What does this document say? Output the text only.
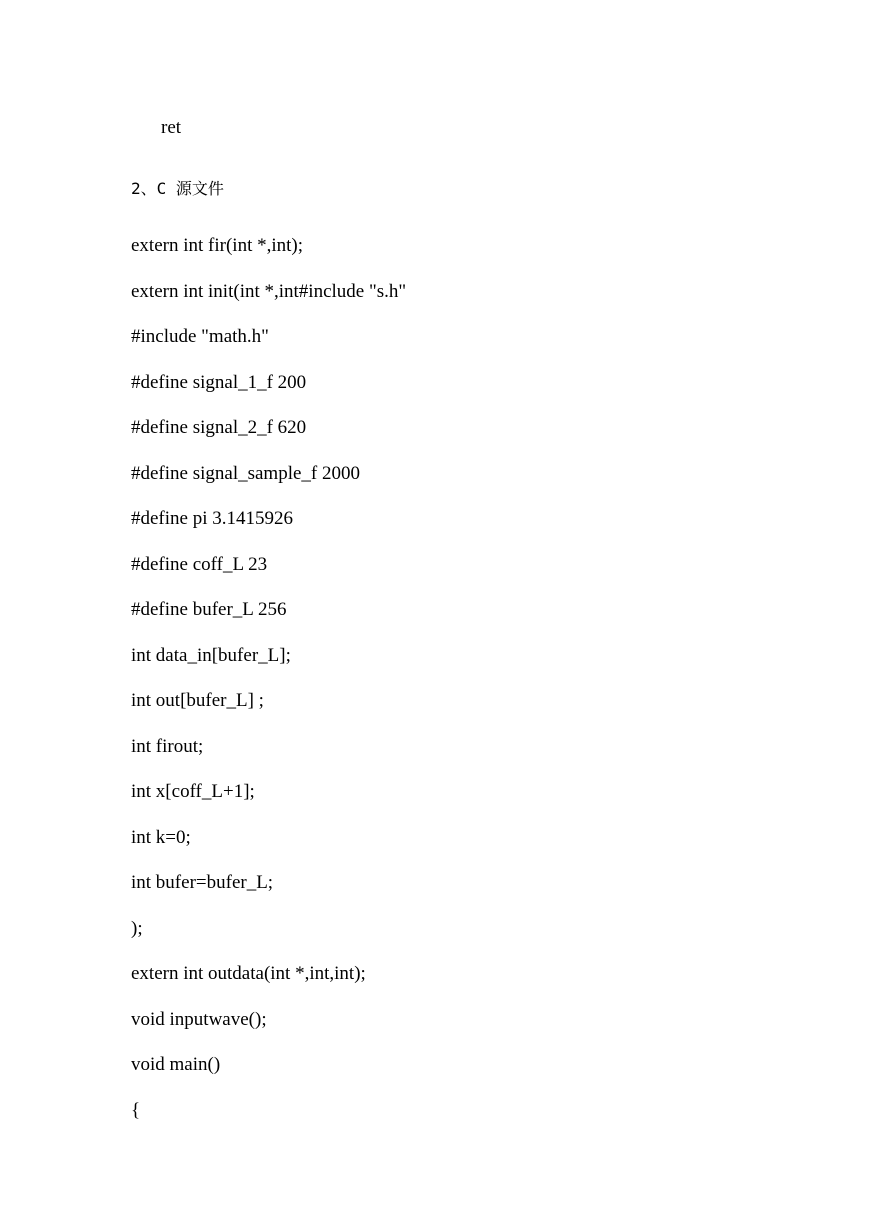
ret
2、C 源文件
extern int fir(int *,int);
extern int init(int *,int#include "s.h"
#include "math.h"
#define signal_1_f 200
#define signal_2_f 620
#define signal_sample_f 2000
#define pi 3.1415926
#define coff_L 23
#define bufer_L 256
int data_in[bufer_L];
int out[bufer_L] ;
int firout;
int x[coff_L+1];
int k=0;
int bufer=bufer_L;
);
extern int outdata(int *,int,int);
void inputwave();
void main()
{
